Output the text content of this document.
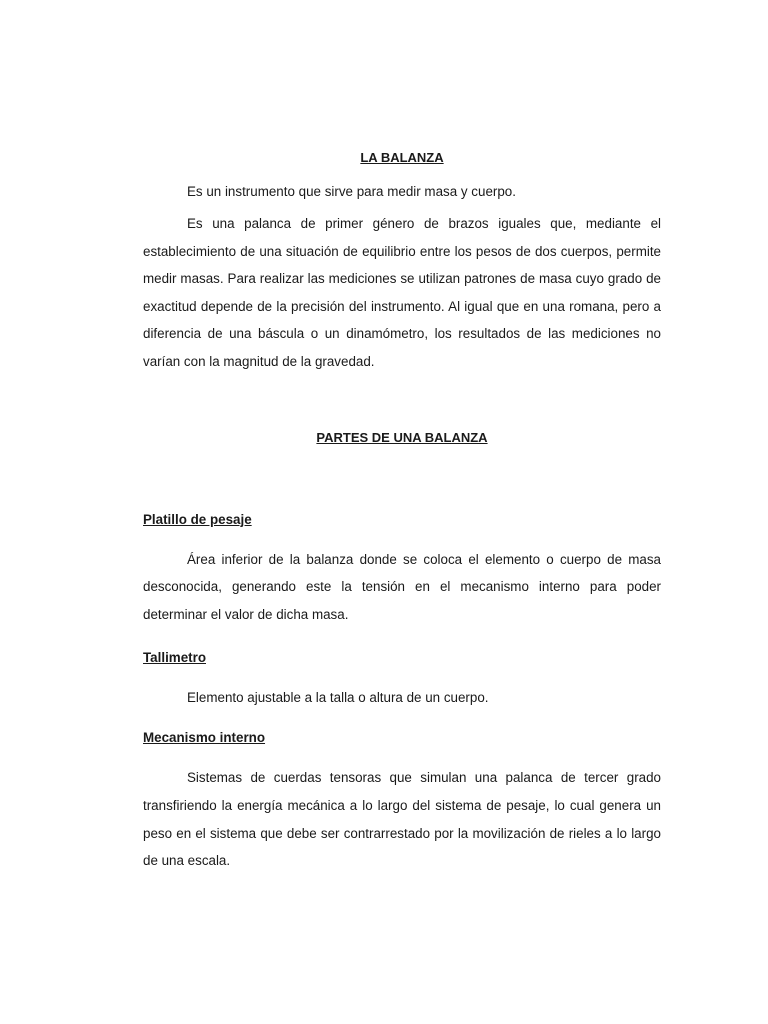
LA BALANZA

Es un instrumento que sirve para medir masa y cuerpo.

Es una palanca de primer género de brazos iguales que, mediante el establecimiento de una situación de equilibrio entre los pesos de dos cuerpos, permite medir masas. Para realizar las mediciones se utilizan patrones de masa cuyo grado de exactitud depende de la precisión del instrumento. Al igual que en una romana, pero a diferencia de una báscula o un dinamómetro, los resultados de las mediciones no varían con la magnitud de la gravedad.

PARTES DE UNA BALANZA
Platillo de pesaje

Área inferior de la balanza donde se coloca el elemento o cuerpo de masa desconocida, generando este la tensión en el mecanismo interno para poder determinar el valor de dicha masa.

Tallimetro

Elemento ajustable a la talla o altura de un cuerpo.

Mecanismo interno

Sistemas de cuerdas tensoras que simulan una palanca de tercer grado transfiriendo la energía mecánica a lo largo del sistema de pesaje, lo cual genera un peso en el sistema que debe ser contrarrestado por la movilización de rieles a lo largo de una escala.
